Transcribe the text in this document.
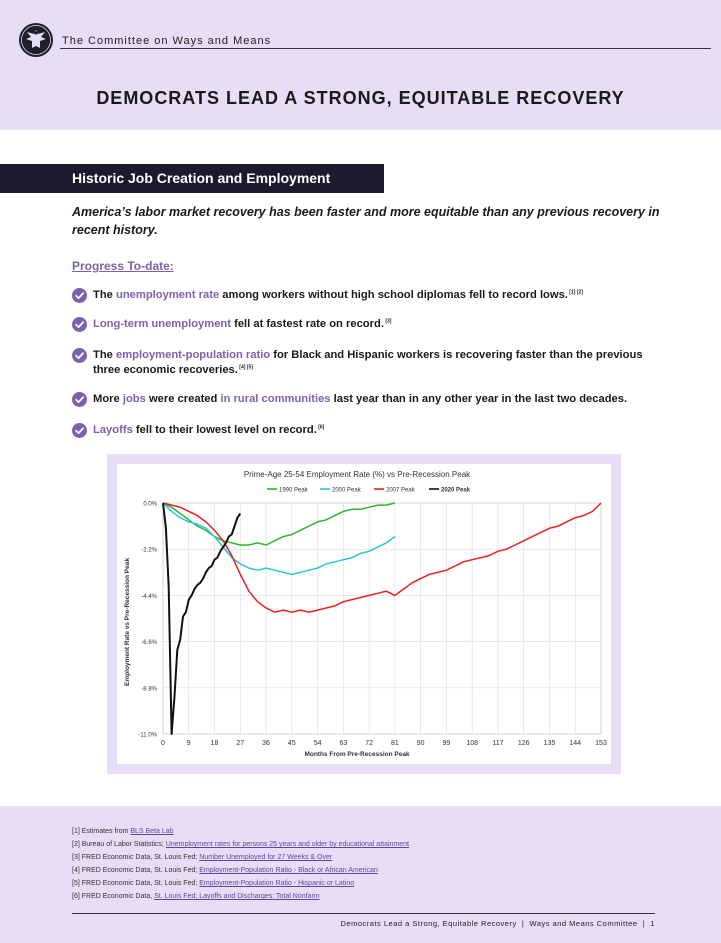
The Committee on Ways and Means
DEMOCRATS LEAD A STRONG, EQUITABLE RECOVERY
Historic Job Creation and Employment
America’s labor market recovery has been faster and more equitable than any previous recovery in recent history.
Progress To-date:
The unemployment rate among workers without high school diplomas fell to record lows. [1] [2]
Long-term unemployment fell at fastest rate on record. [3]
The employment-population ratio for Black and Hispanic workers is recovering faster than the previous three economic recoveries. [4] [5]
More jobs were created in rural communities last year than in any other year in the last two decades.
Layoffs fell to their lowest level on record. [6]
Prime-Age 25-54 Employment Rate (%) vs Pre-Recession Peak
1990 Peak	2000 Peak	2007 Peak	2020 Peak
0	9	18	27	36	45	54	63	72	81	90	99 108 117 126 135 144 153
0.0%
-2.2%
-4.4%
-6.6%
-8.8%
-11.0%
Months From Pre-Recession Peak
Employment Rate vs Pre-Recession Peak
[1] Estimates from BLS Beta Lab
[2] Bureau of Labor Statistics; Unemployment rates for persons 25 years and older by educational attainment
[3] FRED Economic Data, St. Louis Fed; Number Unemployed for 27 Weeks & Over
[4] FRED Economic Data, St. Louis Fed; Employment-Population Ratio - Black or African American
[5] FRED Economic Data, St. Louis Fed; Employment-Population Ratio - Hispanic or Latino
[6] FRED Economic Data, St. Louis Fed; Layoffs and Discharges: Total Nonfarm
Democrats Lead a Strong, Equitable Recovery  |  Ways and Means Committee  |  1
